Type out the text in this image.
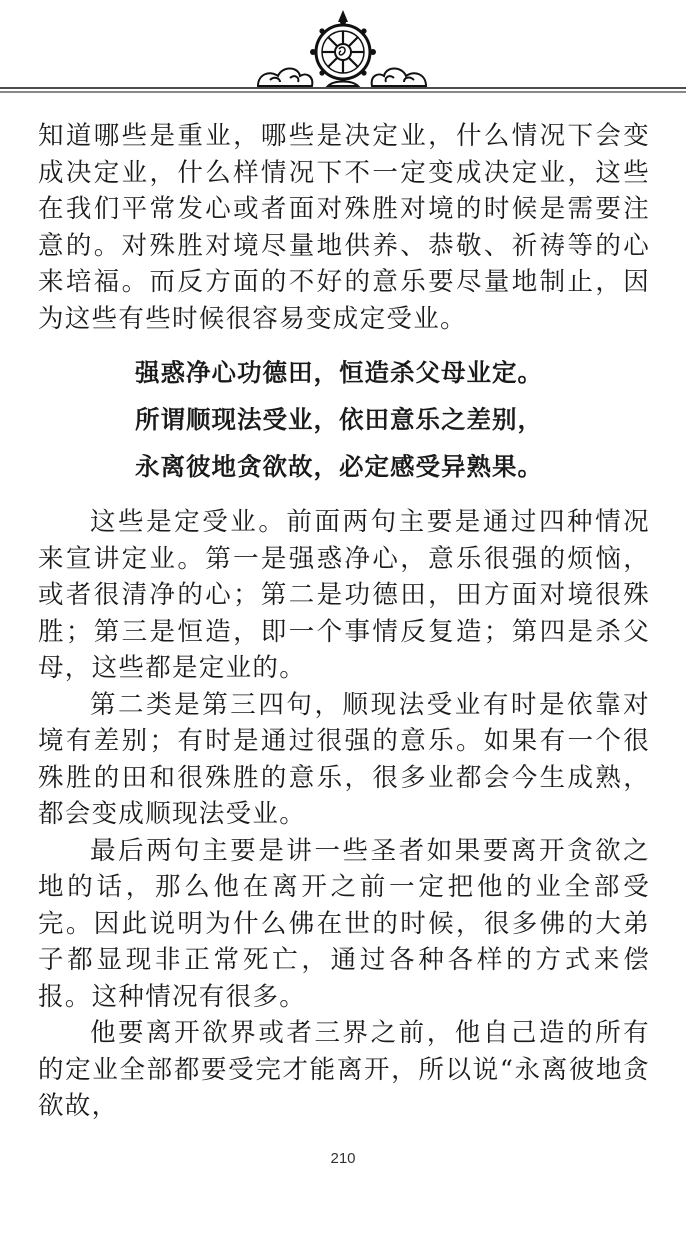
知道哪些是重业，哪些是决定业，什么情况下会变成决定业，什么样情况下不一定变成决定业，这些在我们平常发心或者面对殊胜对境的时候是需要注意的。对殊胜对境尽量地供养、恭敬、祈祷等的心来培福。而反方面的不好的意乐要尽量地制止，因为这些有些时候很容易变成定受业。

强惑净心功德田，恒造杀父母业定。

所谓顺现法受业，依田意乐之差别，

永离彼地贪欲故，必定感受异熟果。

这些是定受业。前面两句主要是通过四种情况来宣讲定业。第一是强惑净心，意乐很强的烦恼，或者很清净的心；第二是功德田，田方面对境很殊胜；第三是恒造，即一个事情反复造；第四是杀父母，这些都是定业的。

第二类是第三四句，顺现法受业有时是依靠对境有差别；有时是通过很强的意乐。如果有一个很殊胜的田和很殊胜的意乐，很多业都会今生成熟，都会变成顺现法受业。

最后两句主要是讲一些圣者如果要离开贪欲之地的话，那么他在离开之前一定把他的业全部受完。因此说明为什么佛在世的时候，很多佛的大弟子都显现非正常死亡，通过各种各样的方式来偿报。这种情况有很多。

他要离开欲界或者三界之前，他自己造的所有的定业全部都要受完才能离开，所以说“永离彼地贪欲故，

210
